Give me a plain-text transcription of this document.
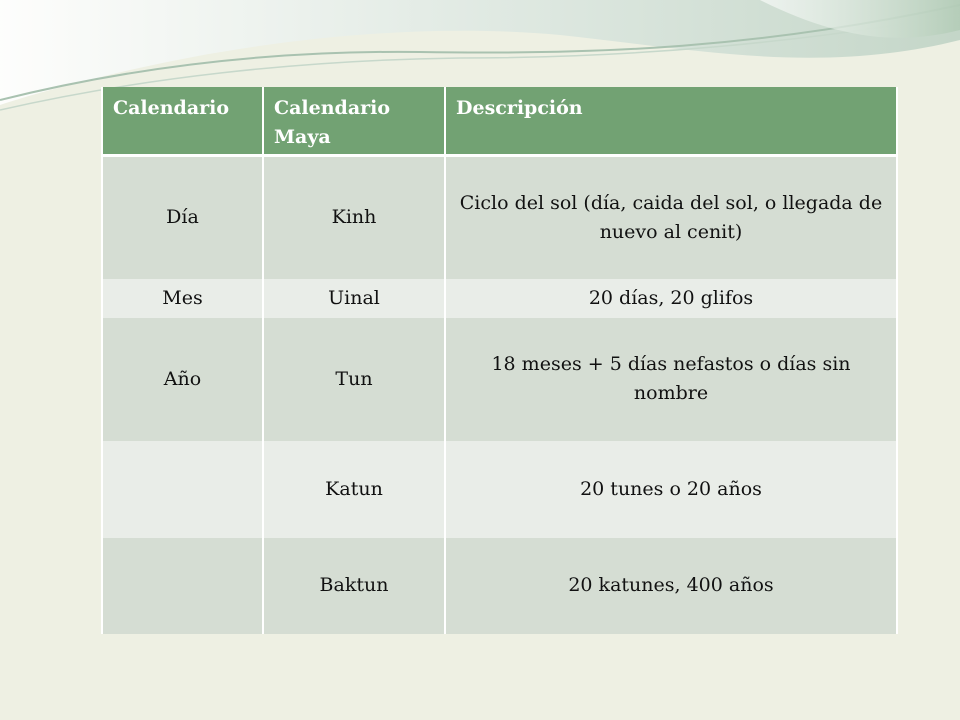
Calendario	Calendario Maya	Descripción
Día	Kinh	Ciclo del sol (día, caida del sol, o llegada de nuevo al cenit)
Mes	Uinal	20 días, 20 glifos
Año	Tun	18 meses + 5 días nefastos o días sin nombre
	Katun	20 tunes o 20 años
	Baktun	20 katunes, 400 años
